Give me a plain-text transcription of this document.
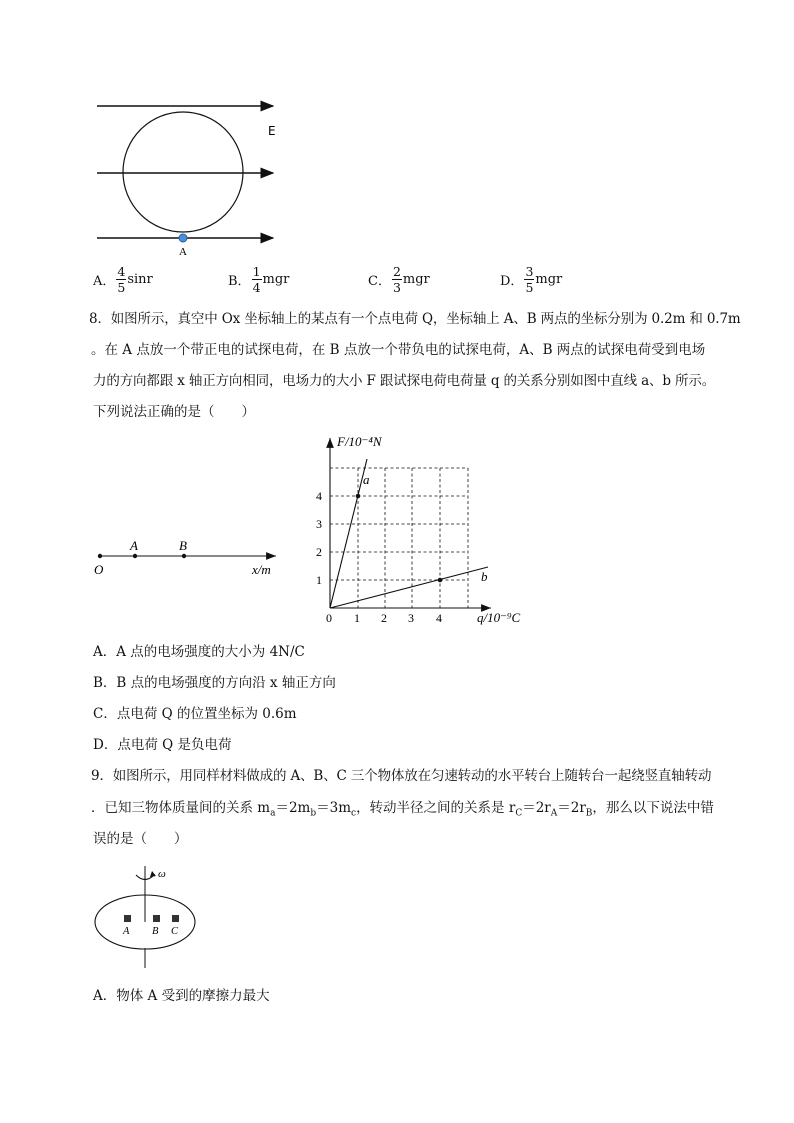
E
A
A． $\frac{4}{5}$ sinr	B． $\frac{1}{4}$ mgr	C． $\frac{2}{3}$ mgr	D． $\frac{3}{5}$ mgr
8．如图所示，真空中 Ox 坐标轴上的某点有一个点电荷 Q，坐标轴上 A、B 两点的坐标分别为 0.2m 和 0.7m
。在 A 点放一个带正电的试探电荷，在 B 点放一个带负电的试探电荷，A、B 两点的试探电荷受到电场
力的方向都跟 x 轴正方向相同，电场力的大小 F 跟试探电荷电荷量 q 的关系分别如图中直线 a、b 所示。
下列说法正确的是（　　）
O
A	B
x/m
F/10⁻⁴N
q/10⁻⁹C
0 1 2 3 4
1
2
3
4
a
b
A．A 点的电场强度的大小为 4N/C
B．B 点的电场强度的方向沿 x 轴正方向
C．点电荷 Q 的位置坐标为 0.6m
D．点电荷 Q 是负电荷
9．如图所示，用同样材料做成的 A、B、C 三个物体放在匀速转动的水平转台上随转台一起绕竖直轴转动
．已知三物体质量间的关系 $m_a=2m_b=3m_c$，转动半径之间的关系是 $r_C=2r_A=2r_B$，那么以下说法中错
误的是（　　）
ω
A B C
A．物体 A 受到的摩擦力最大
